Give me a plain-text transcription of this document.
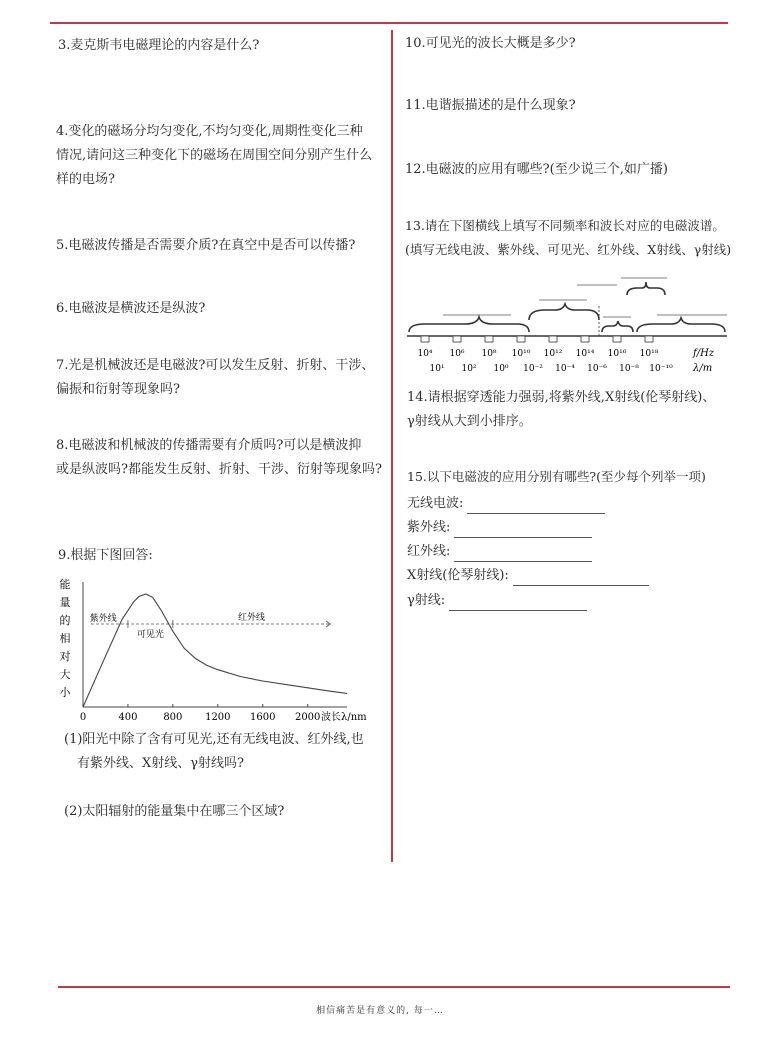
3.麦克斯韦电磁理论的内容是什么?

4.变化的磁场分均匀变化,不均匀变化,周期性变化三种

情况,请问这三种变化下的磁场在周围空间分别产生什么

样的电场?

5.电磁波传播是否需要介质?在真空中是否可以传播?

6.电磁波是横波还是纵波?

7.光是机械波还是电磁波?可以发生反射、折射、干涉、

偏振和衍射等现象吗?

8.电磁波和机械波的传播需要有介质吗?可以是横波抑

或是纵波吗?都能发生反射、折射、干涉、衍射等现象吗?

9.根据下图回答:

能
量
的
相
对
大
小
0	400	800 1200 1600 2000 波长λ/nm
紫外线
可见光
红外线

(1)阳光中除了含有可见光,还有无线电波、红外线,也

有紫外线、X射线、γ射线吗?

(2)太阳辐射的能量集中在哪三个区域?

10.可见光的波长大概是多少?

11.电谐振描述的是什么现象?

12.电磁波的应用有哪些?(至少说三个,如广播)

13.请在下图横线上填写不同频率和波长对应的电磁波谱。

(填写无线电波、紫外线、可见光、红外线、X射线、γ射线)

10⁴ 10⁶ 10⁸ 10¹⁰ 10¹² 10¹⁴ 10¹⁶ 10¹⁸
10¹ 10² 10⁰ 10⁻² 10⁻⁴ 10⁻⁶ 10⁻⁸ 10⁻¹⁰
f/Hz
λ/m

14.请根据穿透能力强弱,将紫外线,X射线(伦琴射线)、

γ射线从大到小排序。

15.以下电磁波的应用分别有哪些?(至少每个列举一项)

无线电波:
紫外线:
红外线:
X射线(伦琴射线):
γ射线:
相信痛苦是有意义的, 每一…
